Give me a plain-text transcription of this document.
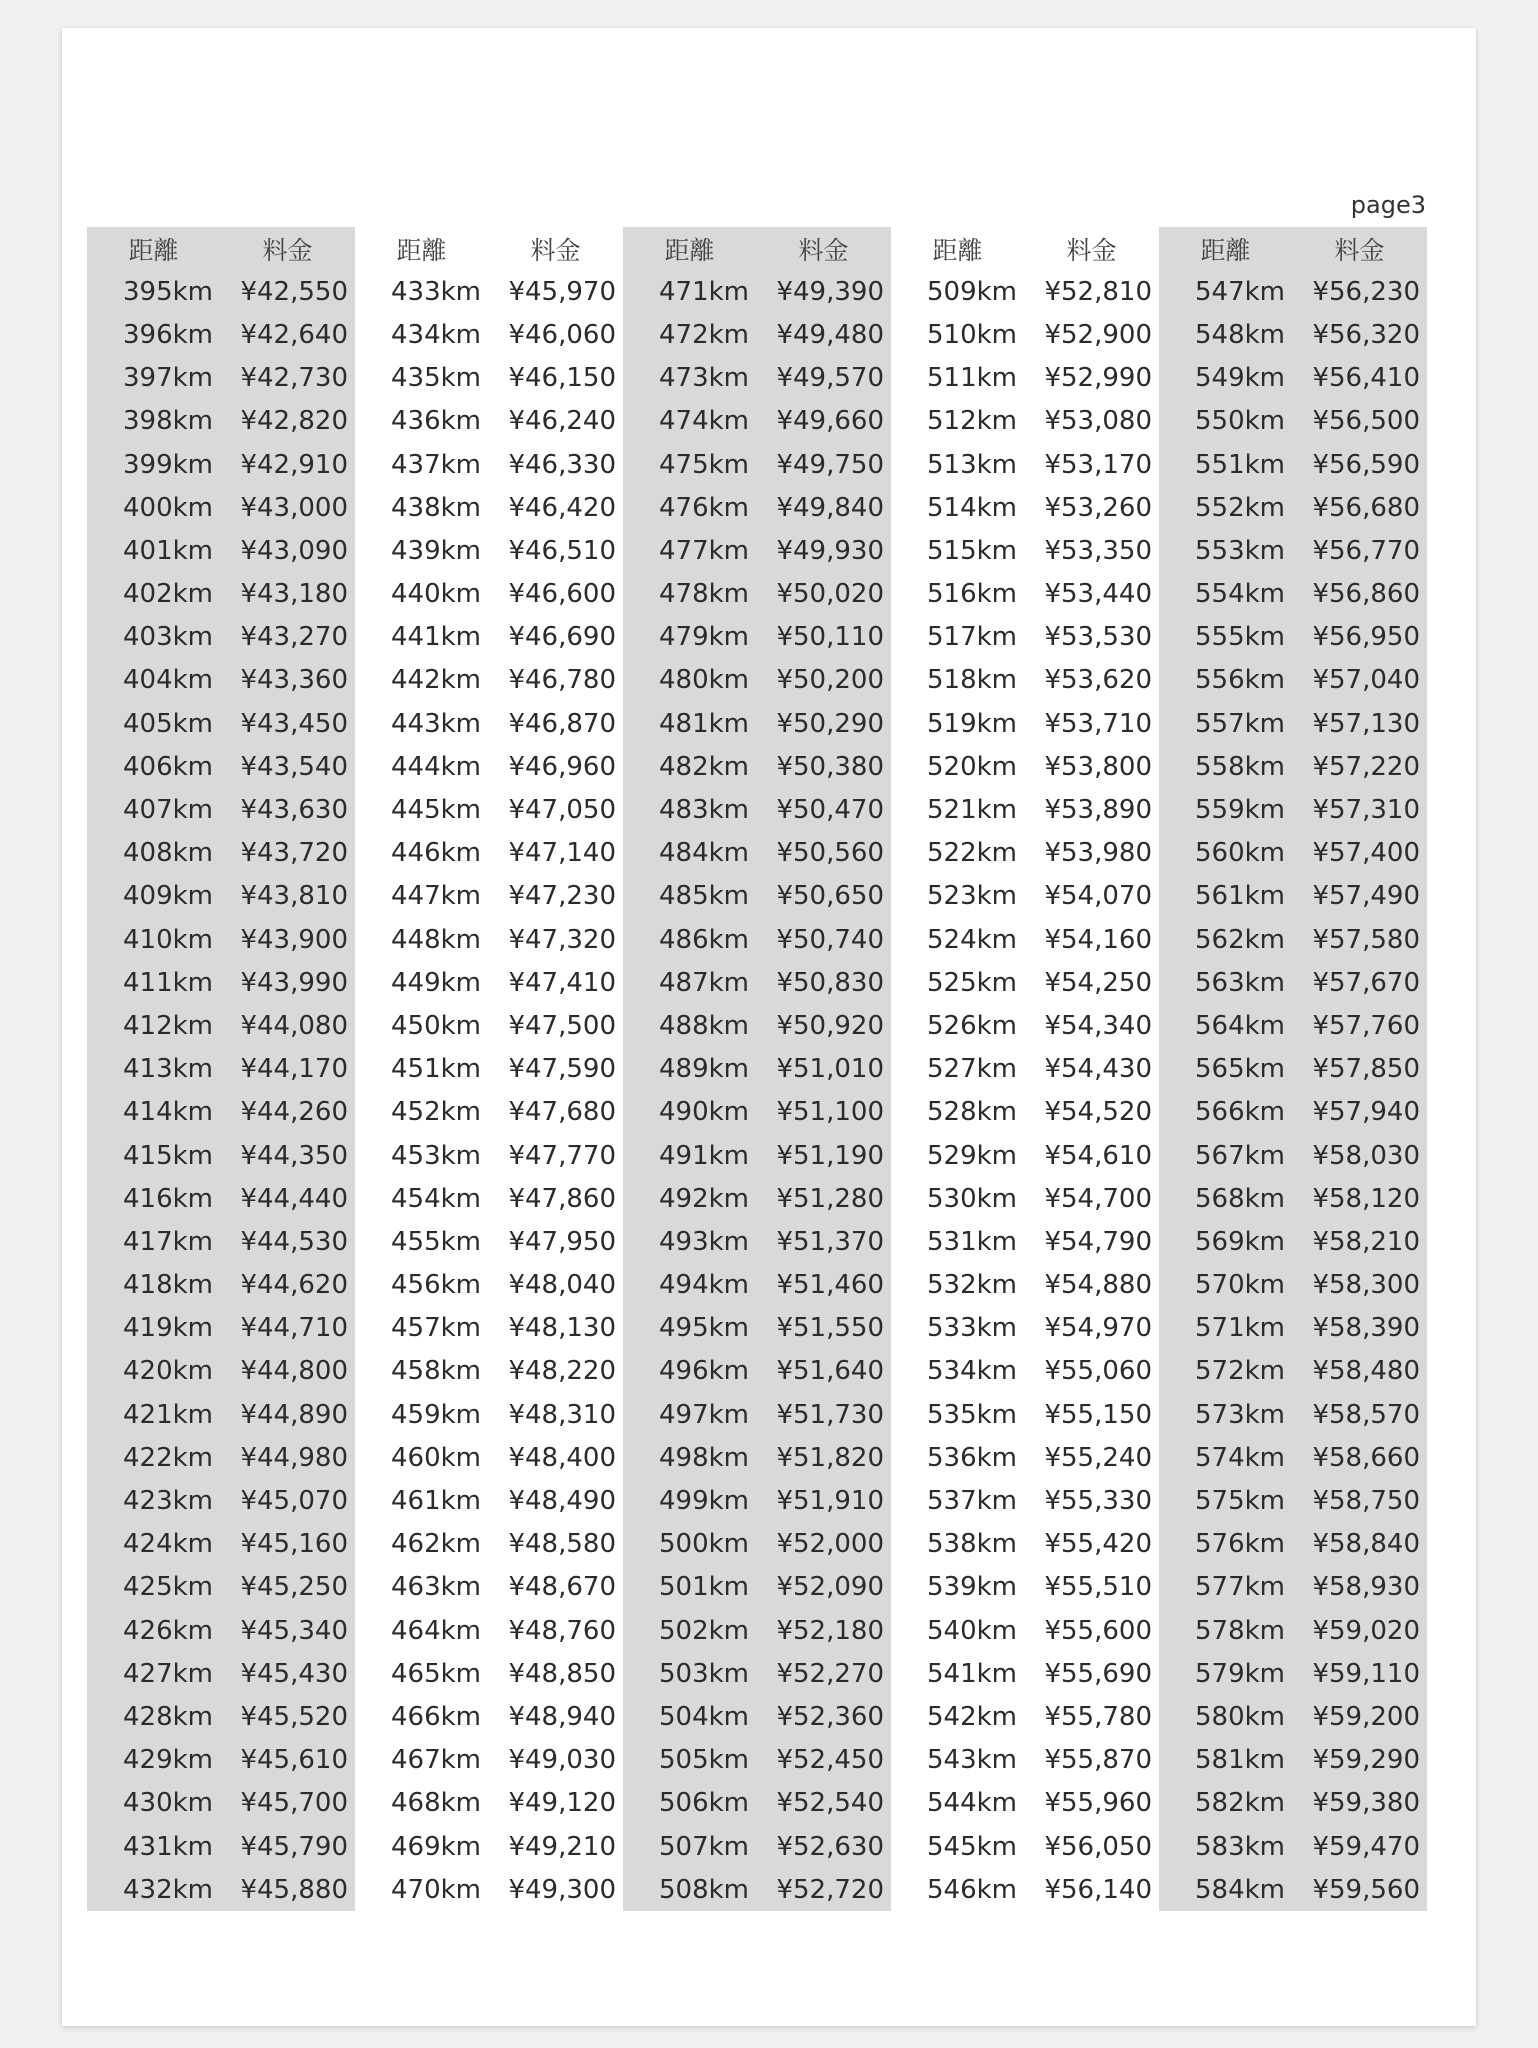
page3
距離	料金	距離	料金	距離	料金	距離	料金	距離	料金
395km	¥42,550	433km	¥45,970	471km	¥49,390	509km	¥52,810	547km	¥56,230
396km	¥42,640	434km	¥46,060	472km	¥49,480	510km	¥52,900	548km	¥56,320
397km	¥42,730	435km	¥46,150	473km	¥49,570	511km	¥52,990	549km	¥56,410
398km	¥42,820	436km	¥46,240	474km	¥49,660	512km	¥53,080	550km	¥56,500
399km	¥42,910	437km	¥46,330	475km	¥49,750	513km	¥53,170	551km	¥56,590
400km	¥43,000	438km	¥46,420	476km	¥49,840	514km	¥53,260	552km	¥56,680
401km	¥43,090	439km	¥46,510	477km	¥49,930	515km	¥53,350	553km	¥56,770
402km	¥43,180	440km	¥46,600	478km	¥50,020	516km	¥53,440	554km	¥56,860
403km	¥43,270	441km	¥46,690	479km	¥50,110	517km	¥53,530	555km	¥56,950
404km	¥43,360	442km	¥46,780	480km	¥50,200	518km	¥53,620	556km	¥57,040
405km	¥43,450	443km	¥46,870	481km	¥50,290	519km	¥53,710	557km	¥57,130
406km	¥43,540	444km	¥46,960	482km	¥50,380	520km	¥53,800	558km	¥57,220
407km	¥43,630	445km	¥47,050	483km	¥50,470	521km	¥53,890	559km	¥57,310
408km	¥43,720	446km	¥47,140	484km	¥50,560	522km	¥53,980	560km	¥57,400
409km	¥43,810	447km	¥47,230	485km	¥50,650	523km	¥54,070	561km	¥57,490
410km	¥43,900	448km	¥47,320	486km	¥50,740	524km	¥54,160	562km	¥57,580
411km	¥43,990	449km	¥47,410	487km	¥50,830	525km	¥54,250	563km	¥57,670
412km	¥44,080	450km	¥47,500	488km	¥50,920	526km	¥54,340	564km	¥57,760
413km	¥44,170	451km	¥47,590	489km	¥51,010	527km	¥54,430	565km	¥57,850
414km	¥44,260	452km	¥47,680	490km	¥51,100	528km	¥54,520	566km	¥57,940
415km	¥44,350	453km	¥47,770	491km	¥51,190	529km	¥54,610	567km	¥58,030
416km	¥44,440	454km	¥47,860	492km	¥51,280	530km	¥54,700	568km	¥58,120
417km	¥44,530	455km	¥47,950	493km	¥51,370	531km	¥54,790	569km	¥58,210
418km	¥44,620	456km	¥48,040	494km	¥51,460	532km	¥54,880	570km	¥58,300
419km	¥44,710	457km	¥48,130	495km	¥51,550	533km	¥54,970	571km	¥58,390
420km	¥44,800	458km	¥48,220	496km	¥51,640	534km	¥55,060	572km	¥58,480
421km	¥44,890	459km	¥48,310	497km	¥51,730	535km	¥55,150	573km	¥58,570
422km	¥44,980	460km	¥48,400	498km	¥51,820	536km	¥55,240	574km	¥58,660
423km	¥45,070	461km	¥48,490	499km	¥51,910	537km	¥55,330	575km	¥58,750
424km	¥45,160	462km	¥48,580	500km	¥52,000	538km	¥55,420	576km	¥58,840
425km	¥45,250	463km	¥48,670	501km	¥52,090	539km	¥55,510	577km	¥58,930
426km	¥45,340	464km	¥48,760	502km	¥52,180	540km	¥55,600	578km	¥59,020
427km	¥45,430	465km	¥48,850	503km	¥52,270	541km	¥55,690	579km	¥59,110
428km	¥45,520	466km	¥48,940	504km	¥52,360	542km	¥55,780	580km	¥59,200
429km	¥45,610	467km	¥49,030	505km	¥52,450	543km	¥55,870	581km	¥59,290
430km	¥45,700	468km	¥49,120	506km	¥52,540	544km	¥55,960	582km	¥59,380
431km	¥45,790	469km	¥49,210	507km	¥52,630	545km	¥56,050	583km	¥59,470
432km	¥45,880	470km	¥49,300	508km	¥52,720	546km	¥56,140	584km	¥59,560
